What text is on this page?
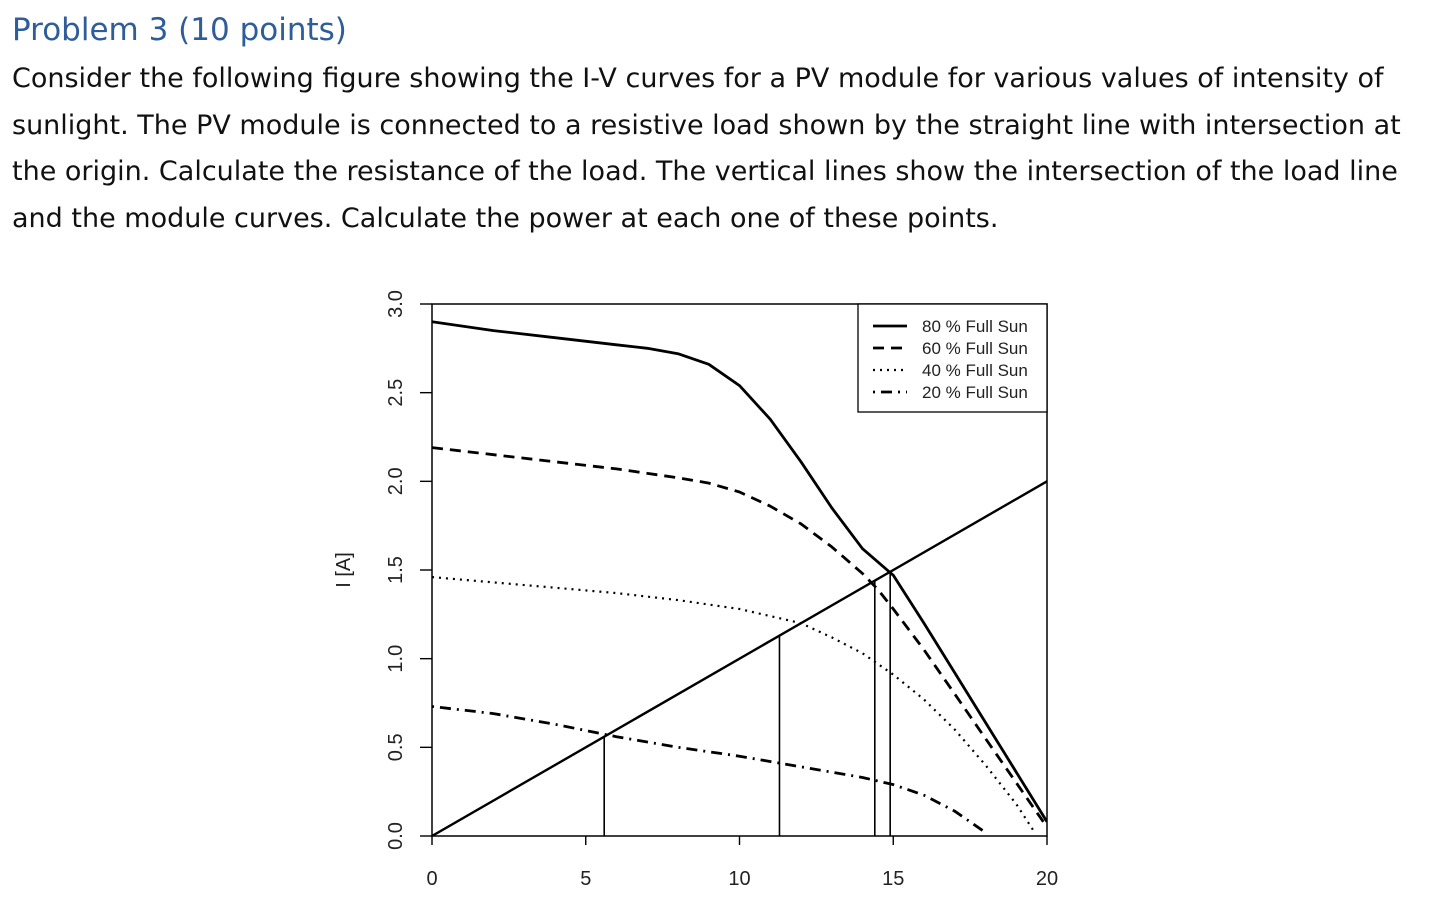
Problem 3 (10 points)
Consider the following figure showing the I-V curves for a PV module for various values of intensity of
sunlight. The PV module is connected to a resistive load shown by the straight line with intersection at
the origin. Calculate the resistance of the load. The vertical lines show the intersection of the load line
and the module curves. Calculate the power at each one of these points.
0	5	10	15	20
0.0
0.5
1.0
1.5
2.0
2.5
3.0
I [A]
80 % Full Sun
60 % Full Sun
40 % Full Sun
20 % Full Sun
